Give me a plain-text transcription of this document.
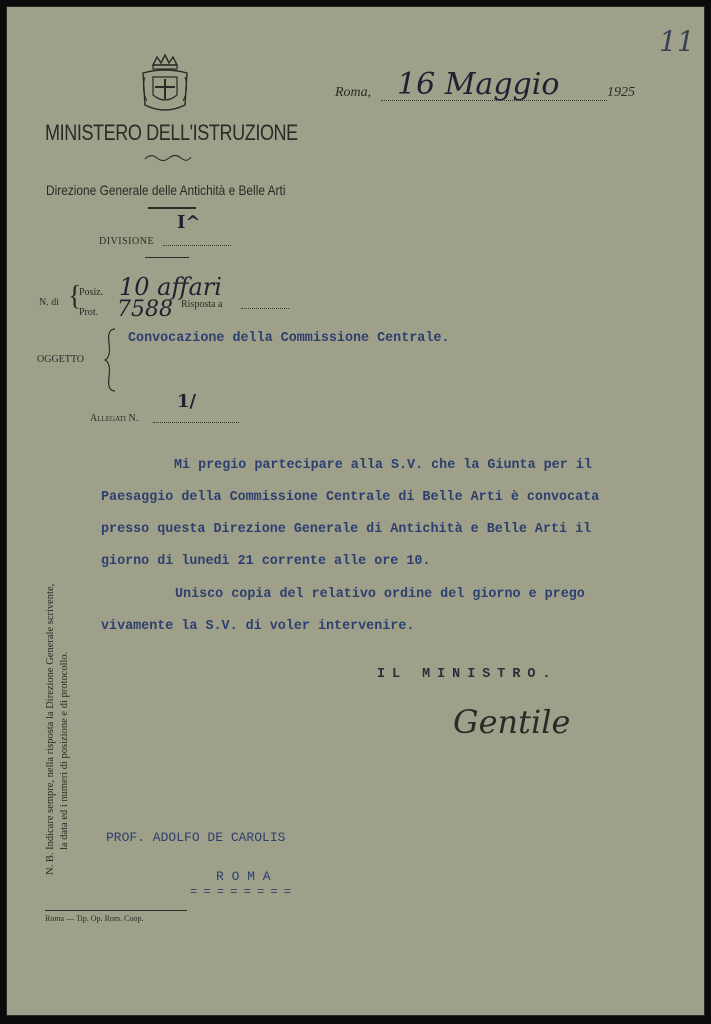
11
MINISTERO DELL'ISTRUZIONE
Direzione Generale delle Antichità e Belle Arti
I^
DIVISIONE
Roma, 16 Maggio	1925
N. di {
Posiz. 10 affari
Prot. 7588 Risposta a
OGGETTO
Convocazione della Commissione Centrale.
1/
Allegati N.
Mi pregio partecipare alla S.V. che la Giunta per il
Paesaggio della Commissione Centrale di Belle Arti è convocata
presso questa Direzione Generale di Antichità e Belle Arti il
giorno di lunedì 21 corrente alle ore 10.
Unisco copia del relativo ordine del giorno e prego
vivamente la S.V. di voler intervenire.
IL MINISTRO.
Gentile
N. B. Indicare sempre, nella risposta la Direzione Generale scrivente, la data ed i numeri di posizione e di protocollo.	PROF. ADOLFO DE CAROLIS
R O M A
= = = = = = = =
Roma — Tip. Op. Rom. Coop.
